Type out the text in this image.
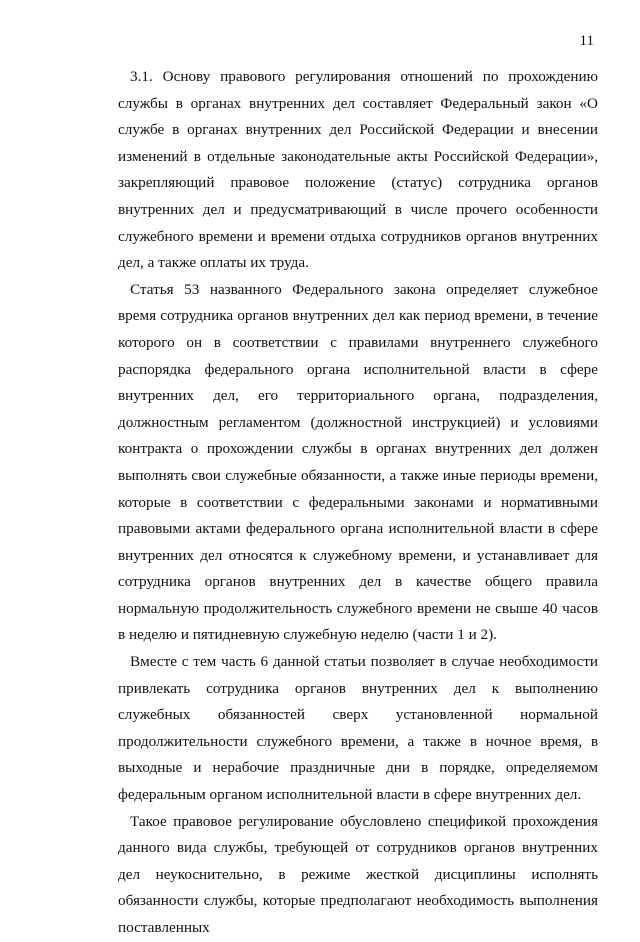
11

3.1. Основу правового регулирования отношений по прохождению службы в органах внутренних дел составляет Федеральный закон «О службе в органах внутренних дел Российской Федерации и внесении изменений в отдельные законодательные акты Российской Федерации», закрепляющий правовое положение (статус) сотрудника органов внутренних дел и предусматривающий в числе прочего особенности служебного времени и времени отдыха сотрудников органов внутренних дел, а также оплаты их труда.

Статья 53 названного Федерального закона определяет служебное время сотрудника органов внутренних дел как период времени, в течение которого он в соответствии с правилами внутреннего служебного распорядка федерального органа исполнительной власти в сфере внутренних дел, его территориального органа, подразделения, должностным регламентом (должностной инструкцией) и условиями контракта о прохождении службы в органах внутренних дел должен выполнять свои служебные обязанности, а также иные периоды времени, которые в соответствии с федеральными законами и нормативными правовыми актами федерального органа исполнительной власти в сфере внутренних дел относятся к служебному времени, и устанавливает для сотрудника органов внутренних дел в качестве общего правила нормальную продолжительность служебного времени не свыше 40 часов в неделю и пятидневную служебную неделю (части 1 и 2).

Вместе с тем часть 6 данной статьи позволяет в случае необходимости привлекать сотрудника органов внутренних дел к выполнению служебных обязанностей сверх установленной нормальной продолжительности служебного времени, а также в ночное время, в выходные и нерабочие праздничные дни в порядке, определяемом федеральным органом исполнительной власти в сфере внутренних дел.

Такое правовое регулирование обусловлено спецификой прохождения данного вида службы, требующей от сотрудников органов внутренних дел неукоснительно, в режиме жесткой дисциплины исполнять обязанности службы, которые предполагают необходимость выполнения поставленных
